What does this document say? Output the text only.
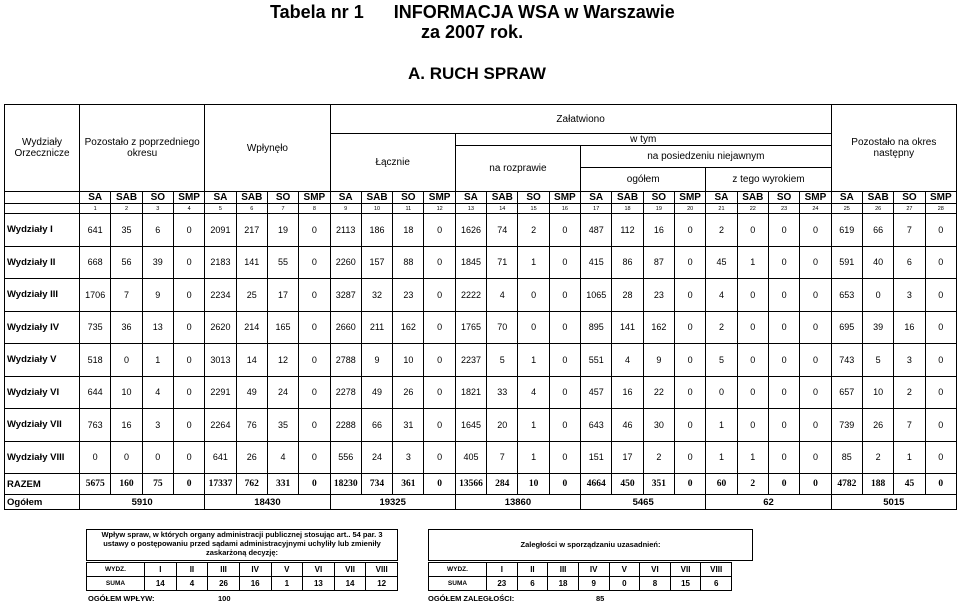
Tabela nr 1 INFORMACJA WSA w Warszawie
za 2007 rok.
A. RUCH SPRAW
Wydziały Orzecznicze	Pozostało z poprzedniego okresu				Wpłynęło				Załatwiono																Pozostało na okres następny			
									Łącznie				w tym															
													na rozprawie				na posiedzeniu niejawnym											
																	ogółem				z tego wyrokiem							
	SA	SAB	SO	SMP	SA	SAB	SO	SMP	SA	SAB	SO	SMP	SA	SAB	SO	SMP	SA	SAB	SO	SMP	SA	SAB	SO	SMP	SA	SAB	SO	SMP
	1	2	3	4	5	6	7	8	9	10	11	12	13	14	15	16	17	18	19	20	21	22	23	24	25	26	27	28
Wydziały I	641	35	6	0	2091	217	19	0	2113	186	18	0	1626	74	2	0	487	112	16	0	2	0	0	0	619	66	7	0
Wydziały II	668	56	39	0	2183	141	55	0	2260	157	88	0	1845	71	1	0	415	86	87	0	45	1	0	0	591	40	6	0
Wydziały III	1706	7	9	0	2234	25	17	0	3287	32	23	0	2222	4	0	0	1065	28	23	0	4	0	0	0	653	0	3	0
Wydziały IV	735	36	13	0	2620	214	165	0	2660	211	162	0	1765	70	0	0	895	141	162	0	2	0	0	0	695	39	16	0
Wydziały V	518	0	1	0	3013	14	12	0	2788	9	10	0	2237	5	1	0	551	4	9	0	5	0	0	0	743	5	3	0
Wydziały VI	644	10	4	0	2291	49	24	0	2278	49	26	0	1821	33	4	0	457	16	22	0	0	0	0	0	657	10	2	0
Wydziały VII	763	16	3	0	2264	76	35	0	2288	66	31	0	1645	20	1	0	643	46	30	0	1	0	0	0	739	26	7	0
Wydziały VIII	0	0	0	0	641	26	4	0	556	24	3	0	405	7	1	0	151	17	2	0	1	1	0	0	85	2	1	0
RAZEM	5675	160	75	0	17337	762	331	0	18230	734	361	0	13566	284	10	0	4664	450	351	0	60	2	0	0	4782	188	45	0
Ogółem	5910				18430				19325				13860				5465				62				5015			
Wpływ spraw, w których organy administracji publicznej stosując art.. 54 par. 3 ustawy o postępowaniu przed sądami administracyjnymi uchyliły lub zmieniły zaskarżoną decyzję:
Zaległości w sporządzaniu uzasadnień:
WYDZ.	I	II	III	IV	V	VI	VII	VIII
SUMA	14	4	26	16	1	13	14	12
WYDZ.	I	II	III	IV	V	VI	VII	VIII
SUMA	23	6	18	9	0	8	15	6
OGÓŁEM WPŁYW:	100	OGÓŁEM ZALEGŁOŚCI:	85
